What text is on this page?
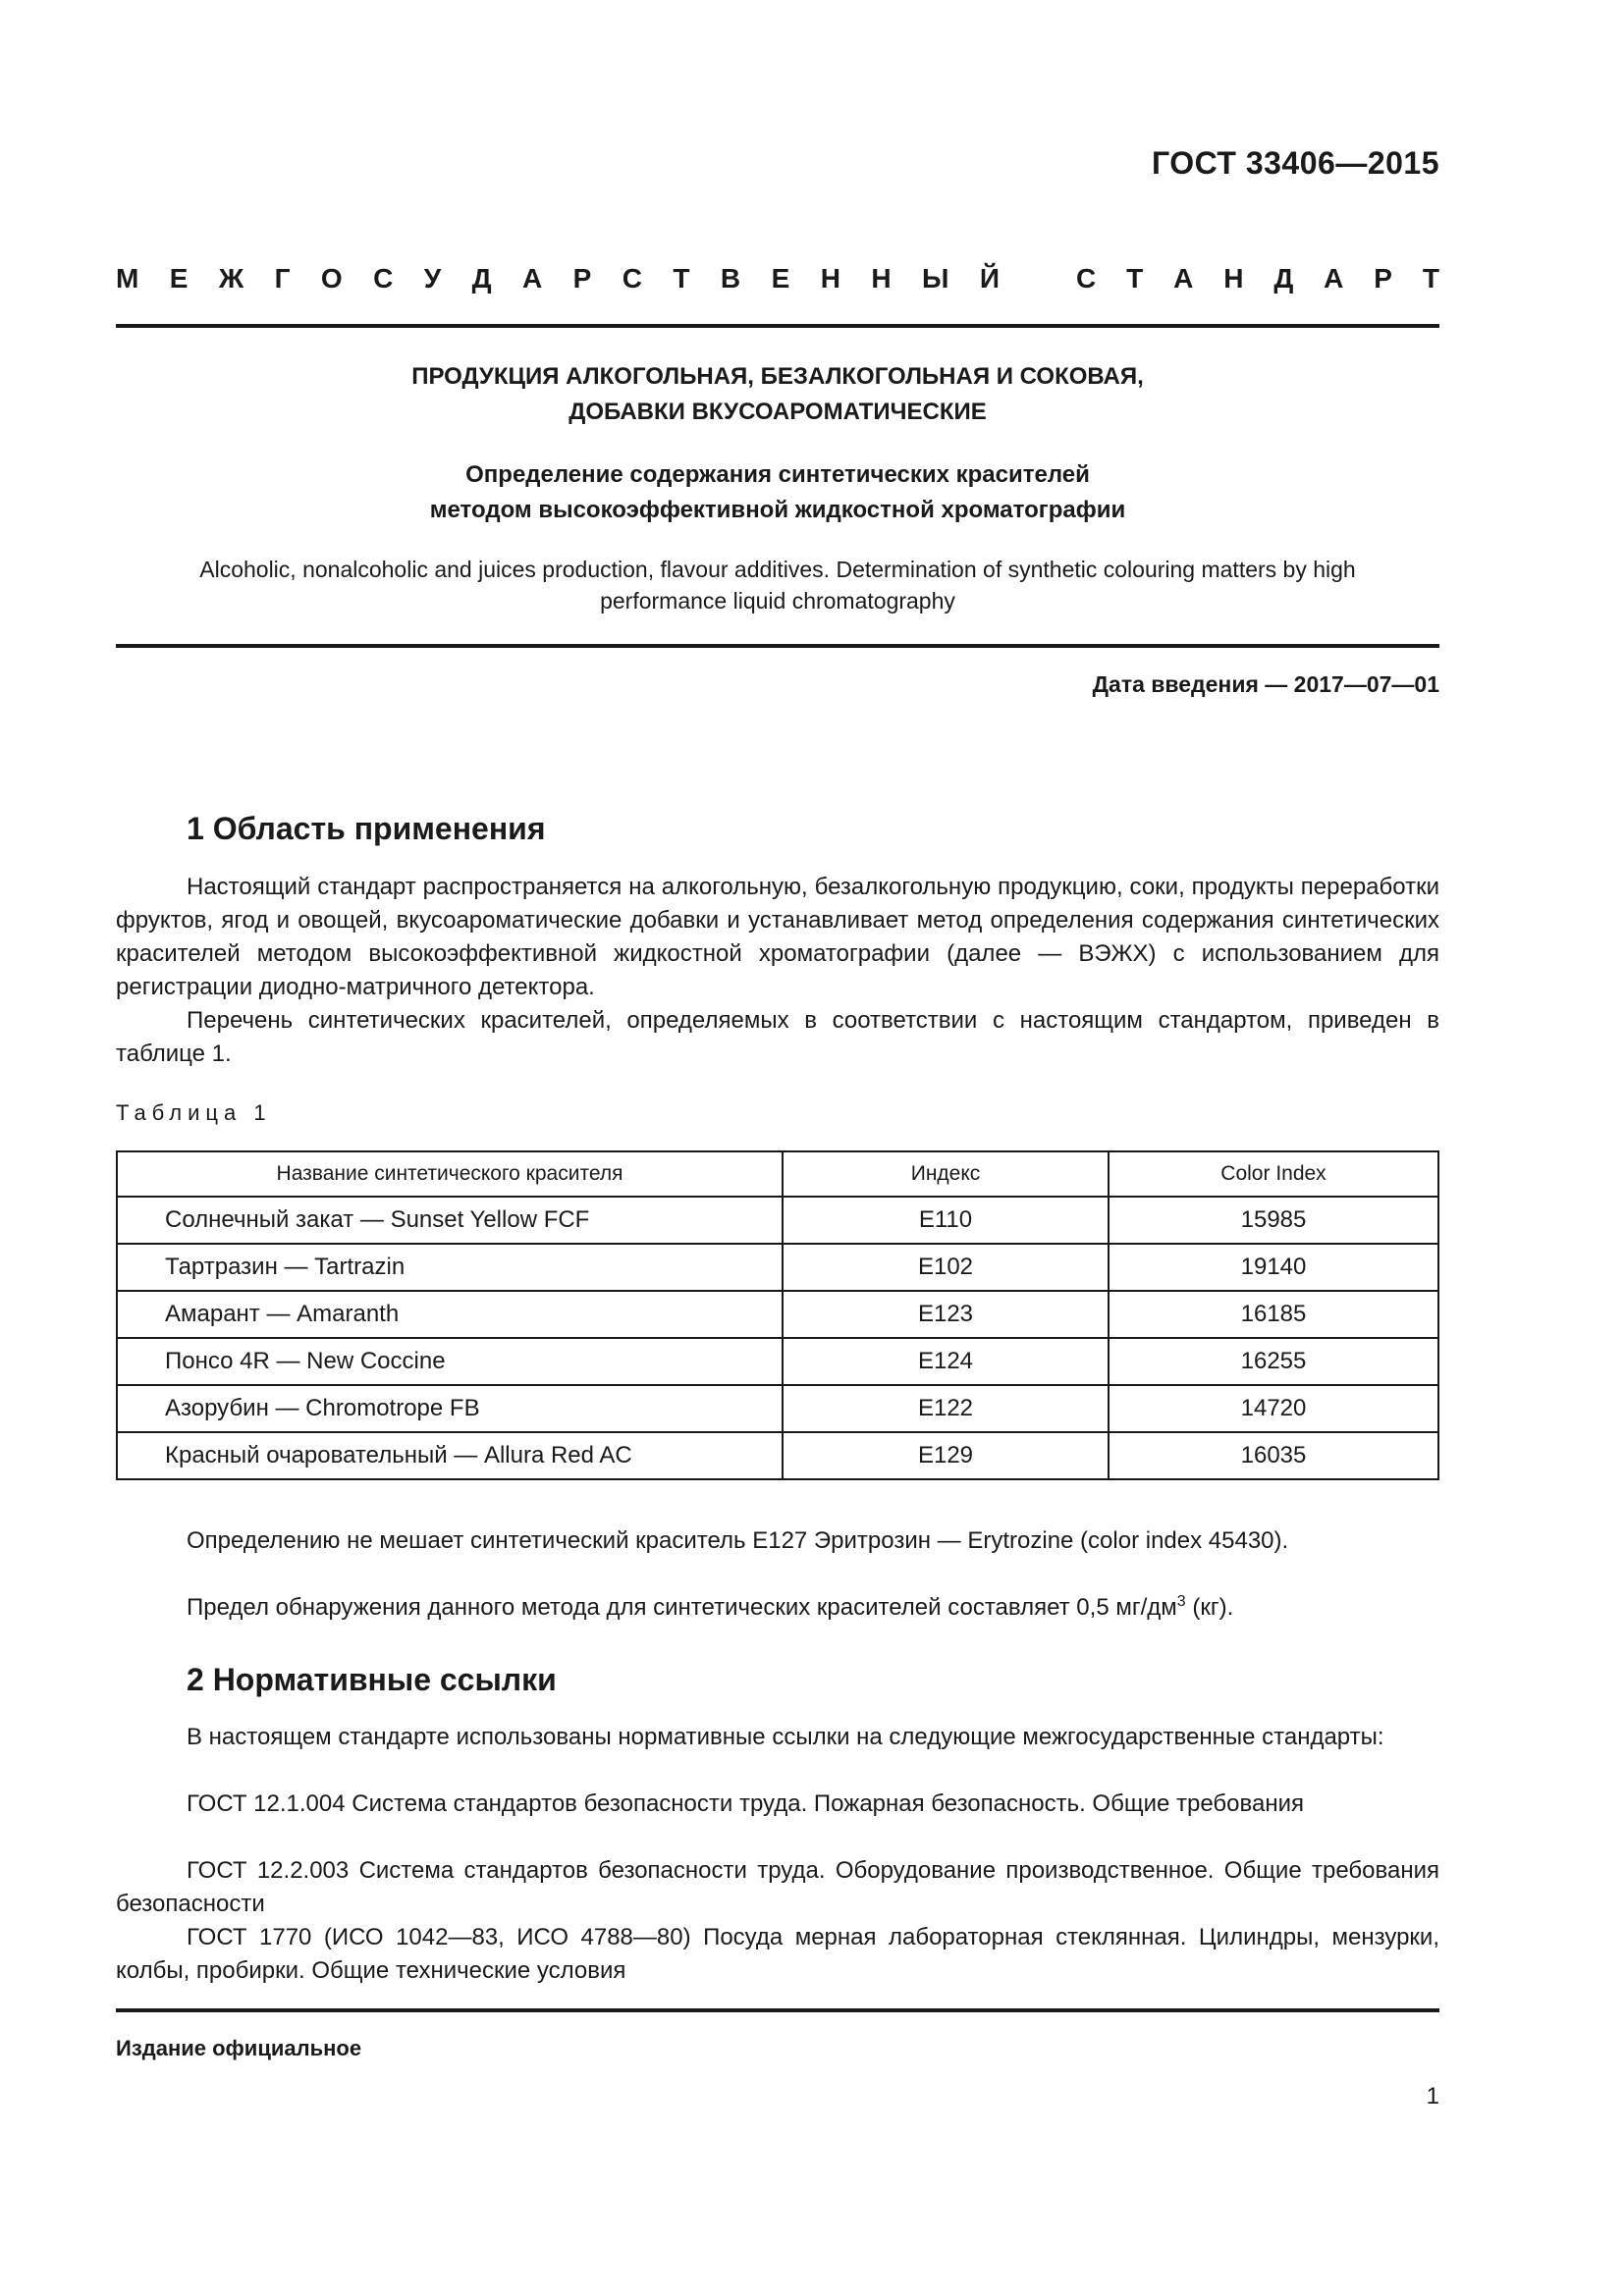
ГОСТ 33406—2015
М Е Ж Г О С У Д А Р С Т В Е Н Н Ы Й	С Т А Н Д А Р Т
ПРОДУКЦИЯ АЛКОГОЛЬНАЯ, БЕЗАЛКОГОЛЬНАЯ И СОКОВАЯ,
ДОБАВКИ ВКУСОАРОМАТИЧЕСКИЕ
Определение содержания синтетических красителей
методом высокоэффективной жидкостной хроматографии
Alcoholic, nonalcoholic and juices production, flavour additives. Determination of synthetic colouring matters by high
performance liquid chromatography
Дата введения — 2017—07—01
1 Область применения
Настоящий стандарт распространяется на алкогольную, безалкогольную продукцию, соки, продукты переработки фруктов, ягод и овощей, вкусоароматические добавки и устанавливает метод определения содержания синтетических красителей методом высокоэффективной жидкостной хроматографии (далее — ВЭЖХ) с использованием для регистрации диодно-матричного детектора.
Перечень синтетических красителей, определяемых в соответствии с настоящим стандартом, приведен в таблице 1.
Таблица 1
Название синтетического красителя	Индекс	Color Index
Солнечный закат — Sunset Yellow FCF	E110	15985
Тартразин — Tartrazin	E102	19140
Амарант — Amaranth	E123	16185
Понсо 4R — New Coccine	E124	16255
Азорубин — Chromotrope FB	E122	14720
Красный очаровательный — Allura Red AC	E129	16035
Определению не мешает синтетический краситель Е127 Эритрозин — Erytrozine (color index 45430).
Предел обнаружения данного метода для синтетических красителей составляет 0,5 $мг/дм^3$ (кг).
2 Нормативные ссылки
В настоящем стандарте использованы нормативные ссылки на следующие межгосударственные стандарты:
ГОСТ 12.1.004 Система стандартов безопасности труда. Пожарная безопасность. Общие требования
ГОСТ 12.2.003 Система стандартов безопасности труда. Оборудование производственное. Общие требования безопасности
ГОСТ 1770 (ИСО 1042—83, ИСО 4788—80) Посуда мерная лабораторная стеклянная. Цилиндры, мензурки, колбы, пробирки. Общие технические условия
Издание официальное
1
